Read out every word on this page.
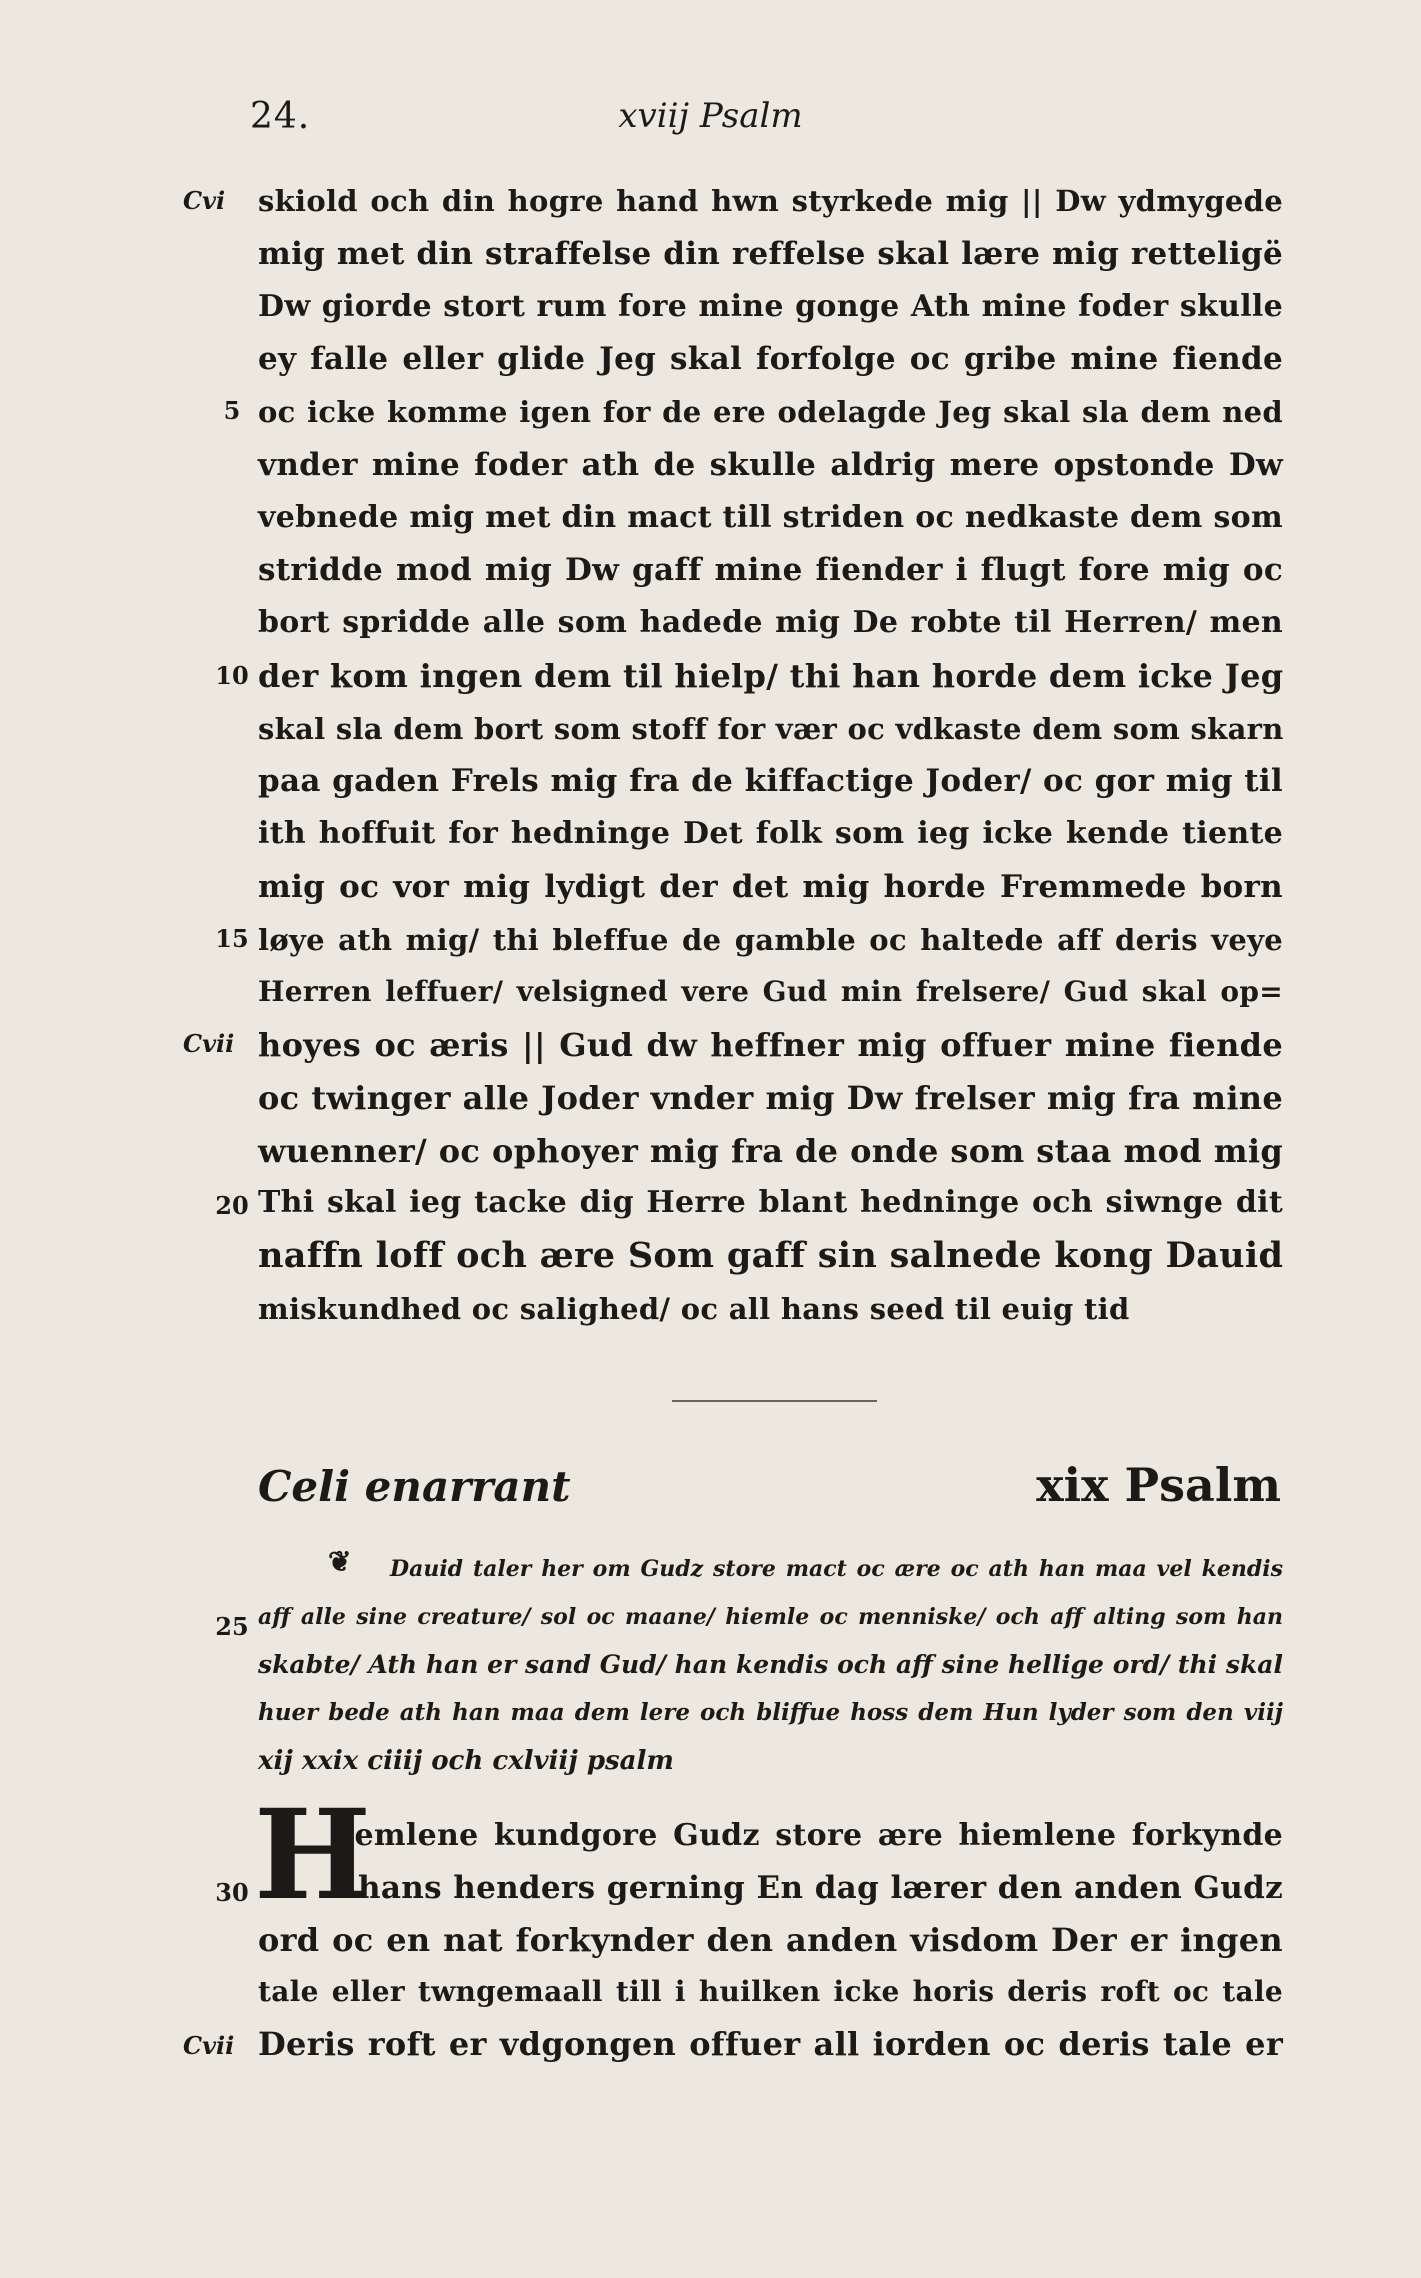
24.	xviij Psalm
Cvi
Cvii
Cvii
5
10
15
20
25
30
skiold och din hogre hand hwn styrkede mig || Dw ydmygede
mig met din straffelse din reffelse skal lære mig retteligë
Dw giorde stort rum fore mine gonge Ath mine foder skulle
ey falle eller glide Jeg skal forfolge oc gribe mine fiende
oc icke komme igen for de ere odelagde Jeg skal sla dem ned
vnder mine foder ath de skulle aldrig mere opstonde Dw
vebnede mig met din mact till striden oc nedkaste dem som
stridde mod mig Dw gaff mine fiender i flugt fore mig oc
bort spridde alle som hadede mig De robte til Herren/ men
der kom ingen dem til hielp/ thi han horde dem icke Jeg
skal sla dem bort som stoff for vær oc vdkaste dem som skarn
paa gaden Frels mig fra de kiffactige Joder/ oc gor mig til
ith hoffuit for hedninge Det folk som ieg icke kende tiente
mig oc vor mig lydigt der det mig horde Fremmede born
løye ath mig/ thi bleffue de gamble oc haltede aff deris veye
Herren leffuer/ velsigned vere Gud min frelsere/ Gud skal op=
hoyes oc æris || Gud dw heffner mig offuer mine fiende
oc twinger alle Joder vnder mig Dw frelser mig fra mine
wuenner/ oc ophoyer mig fra de onde som staa mod mig
Thi skal ieg tacke dig Herre blant hedninge och siwnge dit
naffn loff och ære Som gaff sin salnede kong Dauid
miskundhed oc salighed/ oc all hans seed til euig tid
Celi enarrant	xix Psalm
❦ Dauid taler her om Gudz store mact oc ære oc ath han maa vel kendis
aff alle sine creature/ sol oc maane/ hiemle oc menniske/ och aff alting som han
skabte/ Ath han er sand Gud/ han kendis och aff sine hellige ord/ thi skal
huer bede ath han maa dem lere och bliffue hoss dem Hun lyder som den viij
xij xxix ciiij och cxlviij psalm
H
Jemlene kundgore Gudz store ære hiemlene forkynde
hans henders gerning En dag lærer den anden Gudz
ord oc en nat forkynder den anden visdom Der er ingen
tale eller twngemaall till i huilken icke horis deris roft oc tale
Deris roft er vdgongen offuer all iorden oc deris tale er
